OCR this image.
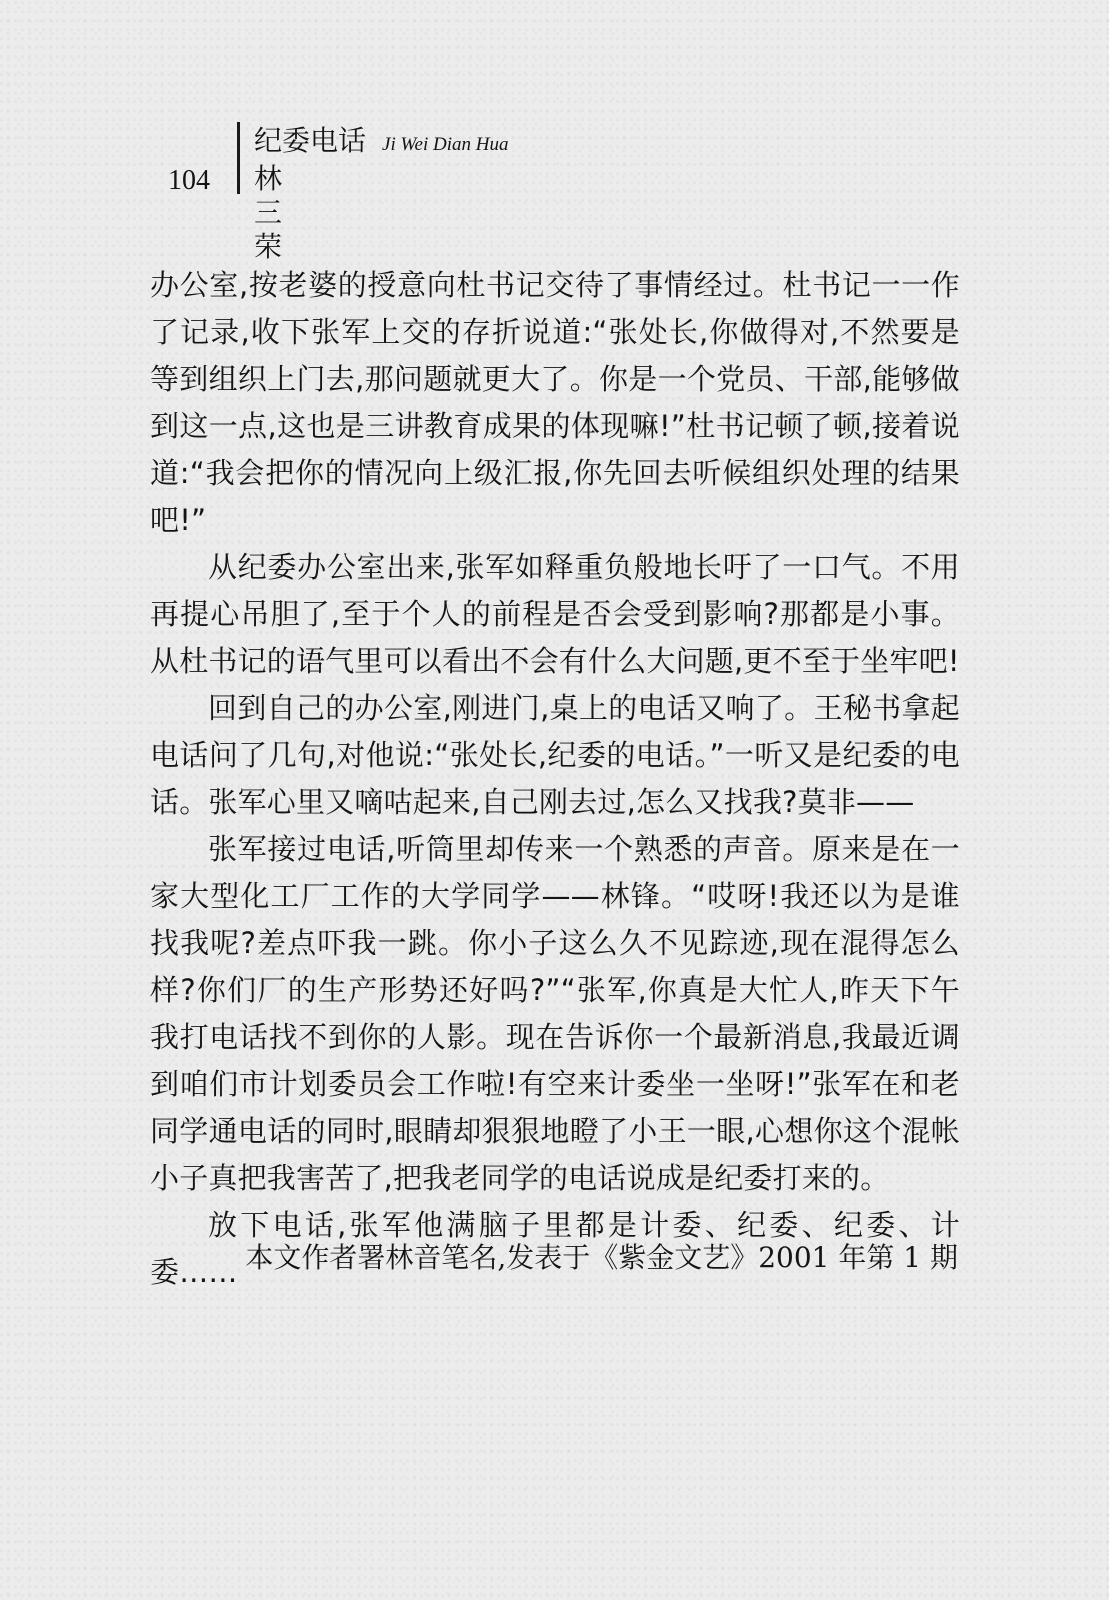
104
纪委电话 Ji Wei Dian Hua
林三荣

办公室,按老婆的授意向杜书记交待了事情经过。杜书记一一作了记录,收下张军上交的存折说道:“张处长,你做得对,不然要是等到组织上门去,那问题就更大了。你是一个党员、干部,能够做到这一点,这也是三讲教育成果的体现嘛!”杜书记顿了顿,接着说道:“我会把你的情况向上级汇报,你先回去听候组织处理的结果吧!”

从纪委办公室出来,张军如释重负般地长吁了一口气。不用再提心吊胆了,至于个人的前程是否会受到影响?那都是小事。从杜书记的语气里可以看出不会有什么大问题,更不至于坐牢吧!

回到自己的办公室,刚进门,桌上的电话又响了。王秘书拿起电话问了几句,对他说:“张处长,纪委的电话。”一听又是纪委的电话。张军心里又嘀咕起来,自己刚去过,怎么又找我?莫非——

张军接过电话,听筒里却传来一个熟悉的声音。原来是在一家大型化工厂工作的大学同学——林锋。“哎呀!我还以为是谁找我呢?差点吓我一跳。你小子这么久不见踪迹,现在混得怎么样?你们厂的生产形势还好吗?”“张军,你真是大忙人,昨天下午我打电话找不到你的人影。现在告诉你一个最新消息,我最近调到咱们市计划委员会工作啦!有空来计委坐一坐呀!”张军在和老同学通电话的同时,眼睛却狠狠地瞪了小王一眼,心想你这个混帐小子真把我害苦了,把我老同学的电话说成是纪委打来的。

放下电话,张军他满脑子里都是计委、纪委、纪委、计委…… 本文作者署林音笔名,发表于《紫金文艺》2001 年第 1 期
